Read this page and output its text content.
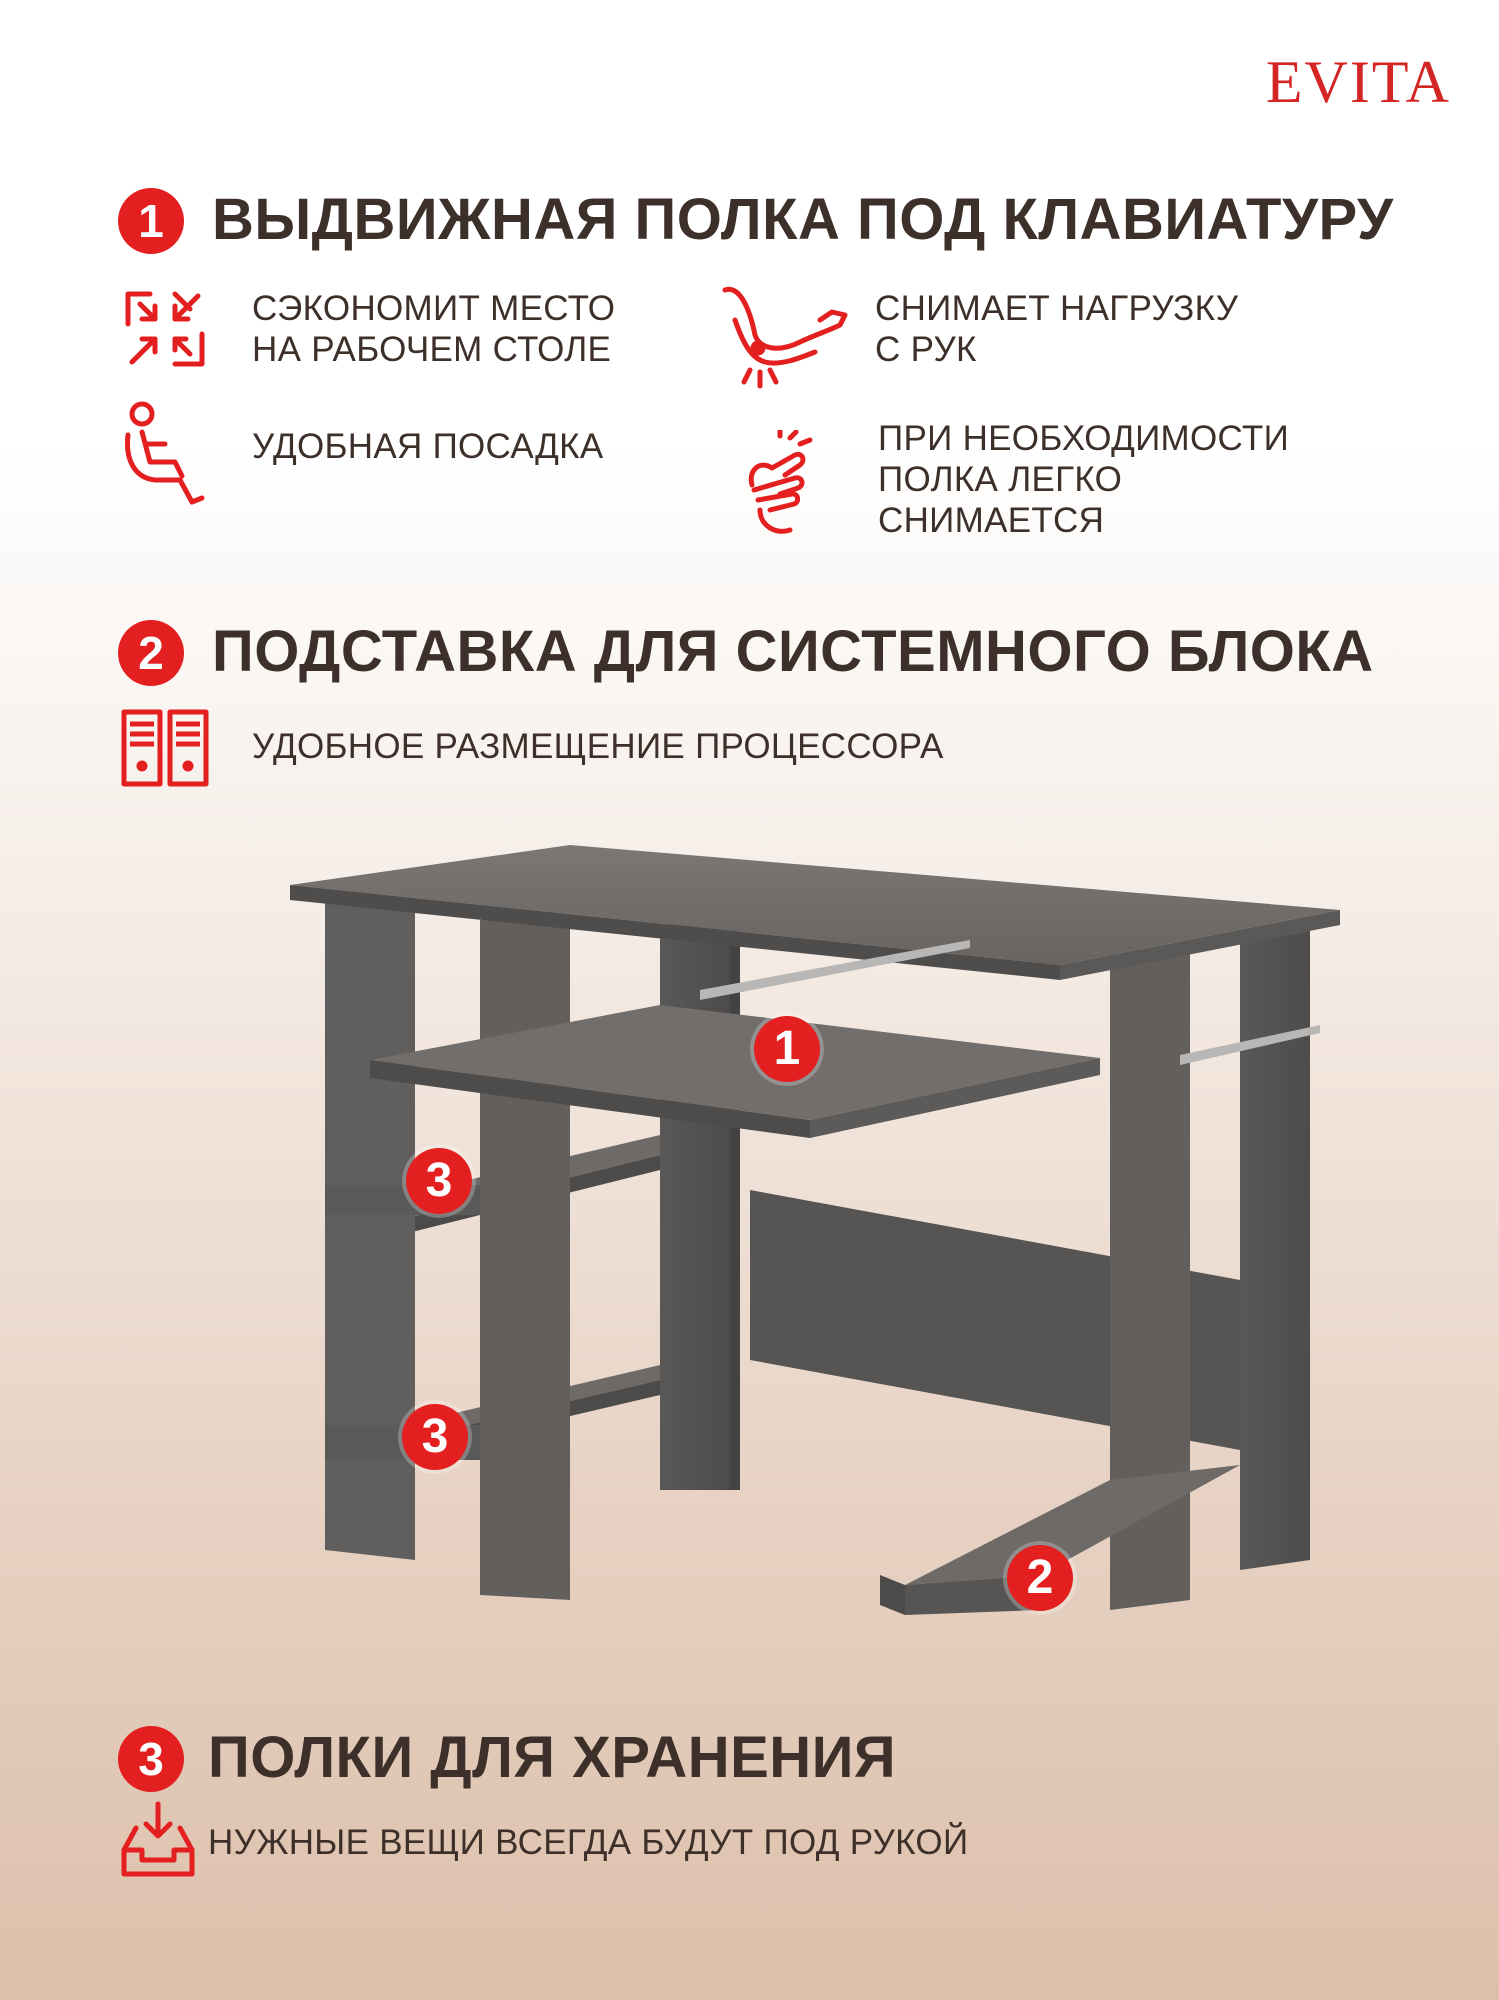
EVITA
1 ВЫДВИЖНАЯ ПОЛКА ПОД КЛАВИАТУРУ
СЭКОНОМИТ МЕСТО
НА РАБОЧЕМ СТОЛЕ
СНИМАЕТ НАГРУЗКУ
С РУК
УДОБНАЯ ПОСАДКА	ПРИ НЕОБХОДИМОСТИ
ПОЛКА ЛЕГКО
СНИМАЕТСЯ
2 ПОДСТАВКА ДЛЯ СИСТЕМНОГО БЛОКА
УДОБНОЕ РАЗМЕЩЕНИЕ ПРОЦЕССОРА
1
3
3
2
3 ПОЛКИ ДЛЯ ХРАНЕНИЯ
НУЖНЫЕ ВЕЩИ ВСЕГДА БУДУТ ПОД РУКОЙ
